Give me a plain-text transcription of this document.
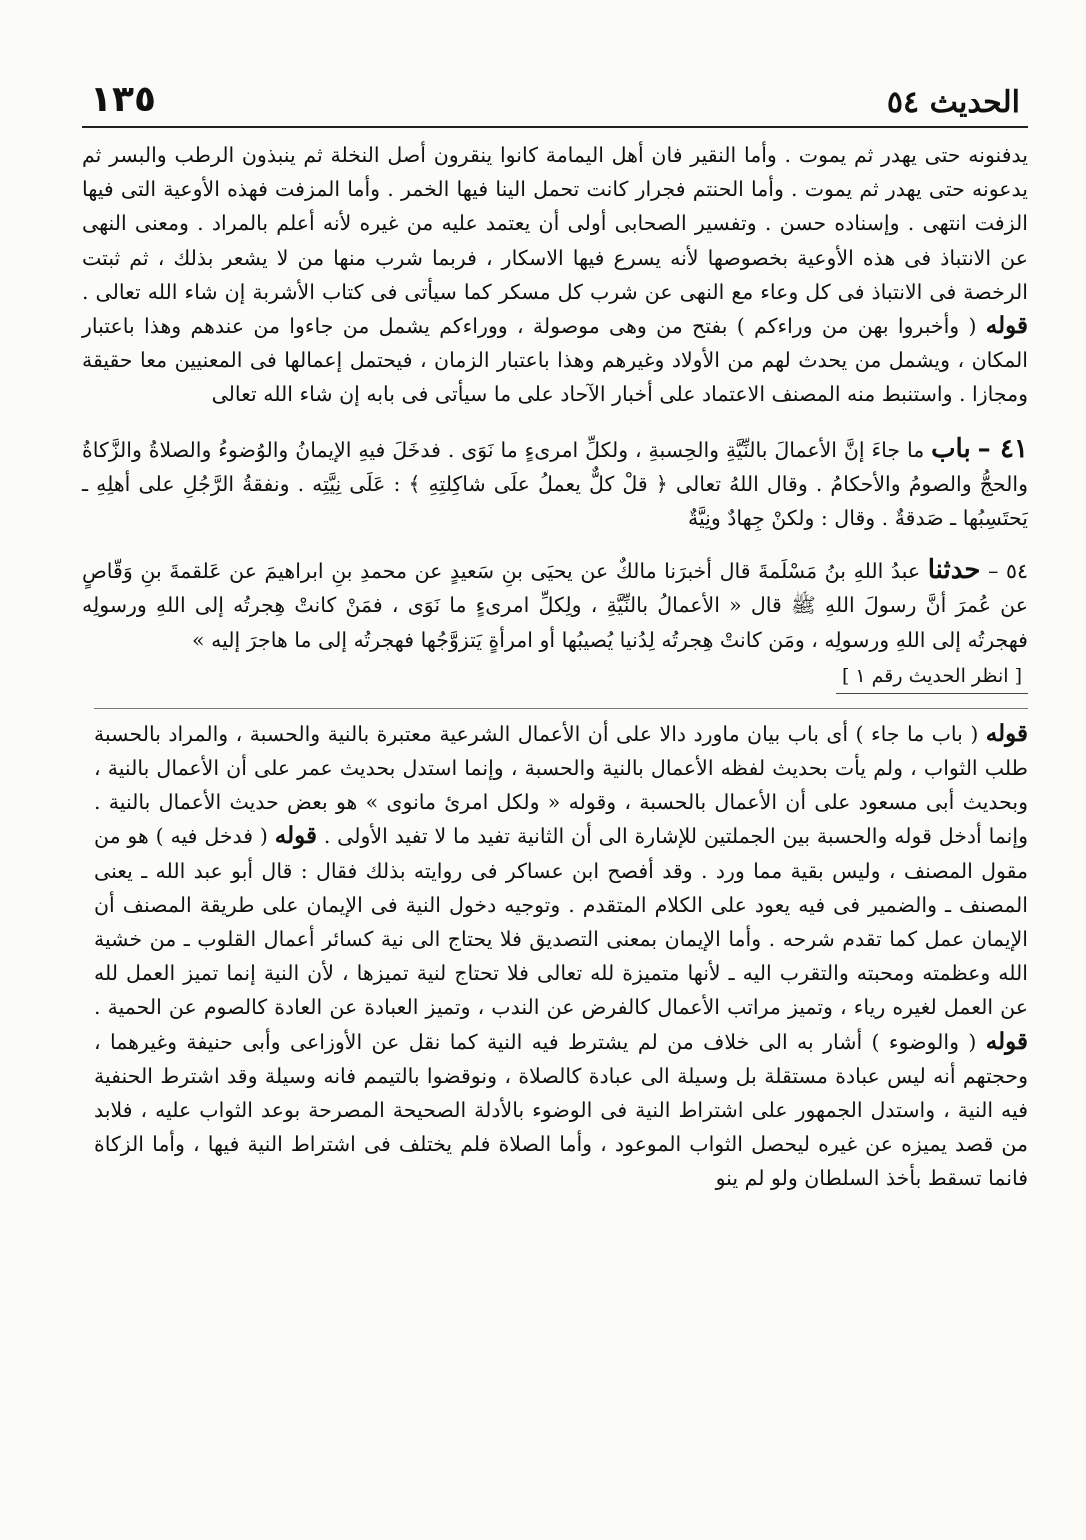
الحديث ٥٤
١٣٥

يدفنونه حتى يهدر ثم يموت . وأما النقير فان أهل اليمامة كانوا ينقرون أصل النخلة ثم ينبذون الرطب والبسر ثم يدعونه حتى يهدر ثم يموت . وأما الحنتم فجرار كانت تحمل الينا فيها الخمر . وأما المزفت فهذه الأوعية التى فيها الزفت انتهى . وإسناده حسن . وتفسير الصحابى أولى أن يعتمد عليه من غيره لأنه أعلم بالمراد . ومعنى النهى عن الانتباذ فى هذه الأوعية بخصوصها لأنه يسرع فيها الاسكار ، فربما شرب منها من لا يشعر بذلك ، ثم ثبتت الرخصة فى الانتباذ فى كل وعاء مع النهى عن شرب كل مسكر كما سيأتى فى كتاب الأشربة إن شاء الله تعالى . قوله ( وأخبروا بهن من وراءكم ) بفتح من وهى موصولة ، ووراءكم يشمل من جاءوا من عندهم وهذا باعتبار المكان ، ويشمل من يحدث لهم من الأولاد وغيرهم وهذا باعتبار الزمان ، فيحتمل إعمالها فى المعنيين معا حقيقة ومجازا . واستنبط منه المصنف الاعتماد على أخبار الآحاد على ما سيأتى فى بابه إن شاء الله تعالى

٤١ – باب ما جاءَ إنَّ الأعمالَ بالنِّيَّةِ والحِسبةِ ، ولكلِّ امرىءٍ ما نَوَى . فدخَلَ فيهِ الإيمانُ والوُضوءُ والصلاةُ والزَّكاةُ والحجُّ والصومُ والأحكامُ . وقال اللهُ تعالى ﴿ قلْ كلٌّ يعملُ علَى شاكِلتِهِ ﴾ : عَلَى نِيَّتِه . ونفقةُ الرَّجُلِ على أهلِهِ ـ يَحتَسِبُها ـ صَدقةٌ . وقال : ولكنْ جِهادٌ ونِيَّةٌ

٥٤ – حدثنا عبدُ اللهِ بنُ مَسْلَمةَ قال أخبرَنا مالكٌ عن يحيَى بنِ سَعيدٍ عن محمدِ بنِ ابراهيمَ عن عَلقمةَ بنِ وَقّاصٍ عن عُمرَ أنَّ رسولَ اللهِ ﷺ قال « الأعمالُ بالنِّيَّةِ ، ولِكلِّ امرىءٍ ما نَوَى ، فمَنْ كانتْ هِجرتُه إلى اللهِ ورسولِه فهجرتُه إلى اللهِ ورسولِه ، ومَن كانتْ هِجرتُه لِدُنيا يُصيبُها أو امرأةٍ يَتزوَّجُها فهجرتُه إلى ما هاجرَ إليه »

[ انظر الحديث رقم ١ ]

قوله ( باب ما جاء ) أى باب بيان ماورد دالا على أن الأعمال الشرعية معتبرة بالنية والحسبة ، والمراد بالحسبة طلب الثواب ، ولم يأت بحديث لفظه الأعمال بالنية والحسبة ، وإنما استدل بحديث عمر على أن الأعمال بالنية ، وبحديث أبى مسعود على أن الأعمال بالحسبة ، وقوله « ولكل امرئ مانوى » هو بعض حديث الأعمال بالنية . وإنما أدخل قوله والحسبة بين الجملتين للإشارة الى أن الثانية تفيد ما لا تفيد الأولى . قوله ( فدخل فيه ) هو من مقول المصنف ، وليس بقية مما ورد . وقد أفصح ابن عساكر فى روايته بذلك فقال : قال أبو عبد الله ـ يعنى المصنف ـ والضمير فى فيه يعود على الكلام المتقدم . وتوجيه دخول النية فى الإيمان على طريقة المصنف أن الإيمان عمل كما تقدم شرحه . وأما الإيمان بمعنى التصديق فلا يحتاج الى نية كسائر أعمال القلوب ـ من خشية الله وعظمته ومحبته والتقرب اليه ـ لأنها متميزة لله تعالى فلا تحتاج لنية تميزها ، لأن النية إنما تميز العمل لله عن العمل لغيره رياء ، وتميز مراتب الأعمال كالفرض عن الندب ، وتميز العبادة عن العادة كالصوم عن الحمية . قوله ( والوضوء ) أشار به الى خلاف من لم يشترط فيه النية كما نقل عن الأوزاعى وأبى حنيفة وغيرهما ، وحجتهم أنه ليس عبادة مستقلة بل وسيلة الى عبادة كالصلاة ، ونوقضوا بالتيمم فانه وسيلة وقد اشترط الحنفية فيه النية ، واستدل الجمهور على اشتراط النية فى الوضوء بالأدلة الصحيحة المصرحة بوعد الثواب عليه ، فلابد من قصد يميزه عن غيره ليحصل الثواب الموعود ، وأما الصلاة فلم يختلف فى اشتراط النية فيها ، وأما الزكاة فانما تسقط بأخذ السلطان ولو لم ينو
